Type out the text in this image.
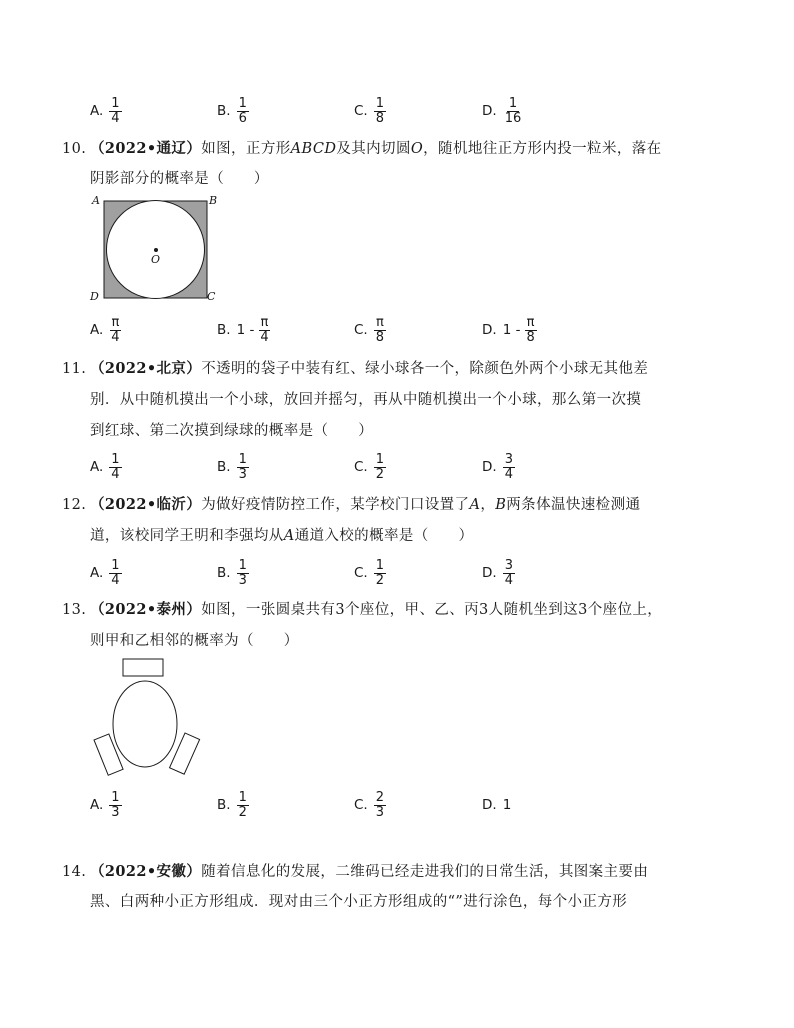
A. $\frac{1}{4}$	B. $\frac{1}{6}$	C. $\frac{1}{8}$	D. $\frac{1}{16}$
10. （2022•通辽）如图，正方形ABCD及其内切圆O，随机地往正方形内投一粒米，落在
阴影部分的概率是（　　）
A	B
C
D
O
A. $\frac{\pi}{4}$	B. $1 - \frac{\pi}{4}$	C. $\frac{\pi}{8}$	D. $1 - \frac{\pi}{8}$
11. （2022•北京）不透明的袋子中装有红、绿小球各一个，除颜色外两个小球无其他差
别．从中随机摸出一个小球，放回并摇匀，再从中随机摸出一个小球，那么第一次摸
到红球、第二次摸到绿球的概率是（　　）
A. $\frac{1}{4}$	B. $\frac{1}{3}$	C. $\frac{1}{2}$	D. $\frac{3}{4}$
12. （2022•临沂）为做好疫情防控工作，某学校门口设置了A，B两条体温快速检测通
道，该校同学王明和李强均从A通道入校的概率是（　　）
A. $\frac{1}{4}$	B. $\frac{1}{3}$	C. $\frac{1}{2}$	D. $\frac{3}{4}$
13. （2022•泰州）如图，一张圆桌共有3个座位，甲、乙、丙3人随机坐到这3个座位上，
则甲和乙相邻的概率为（　　）
A. $\frac{1}{3}$	B. $\frac{1}{2}$	C. $\frac{2}{3}$	D. 1
14. （2022•安徽）随着信息化的发展，二维码已经走进我们的日常生活，其图案主要由
黑、白两种小正方形组成．现对由三个小正方形组成的“”进行涂色，每个小正方形
